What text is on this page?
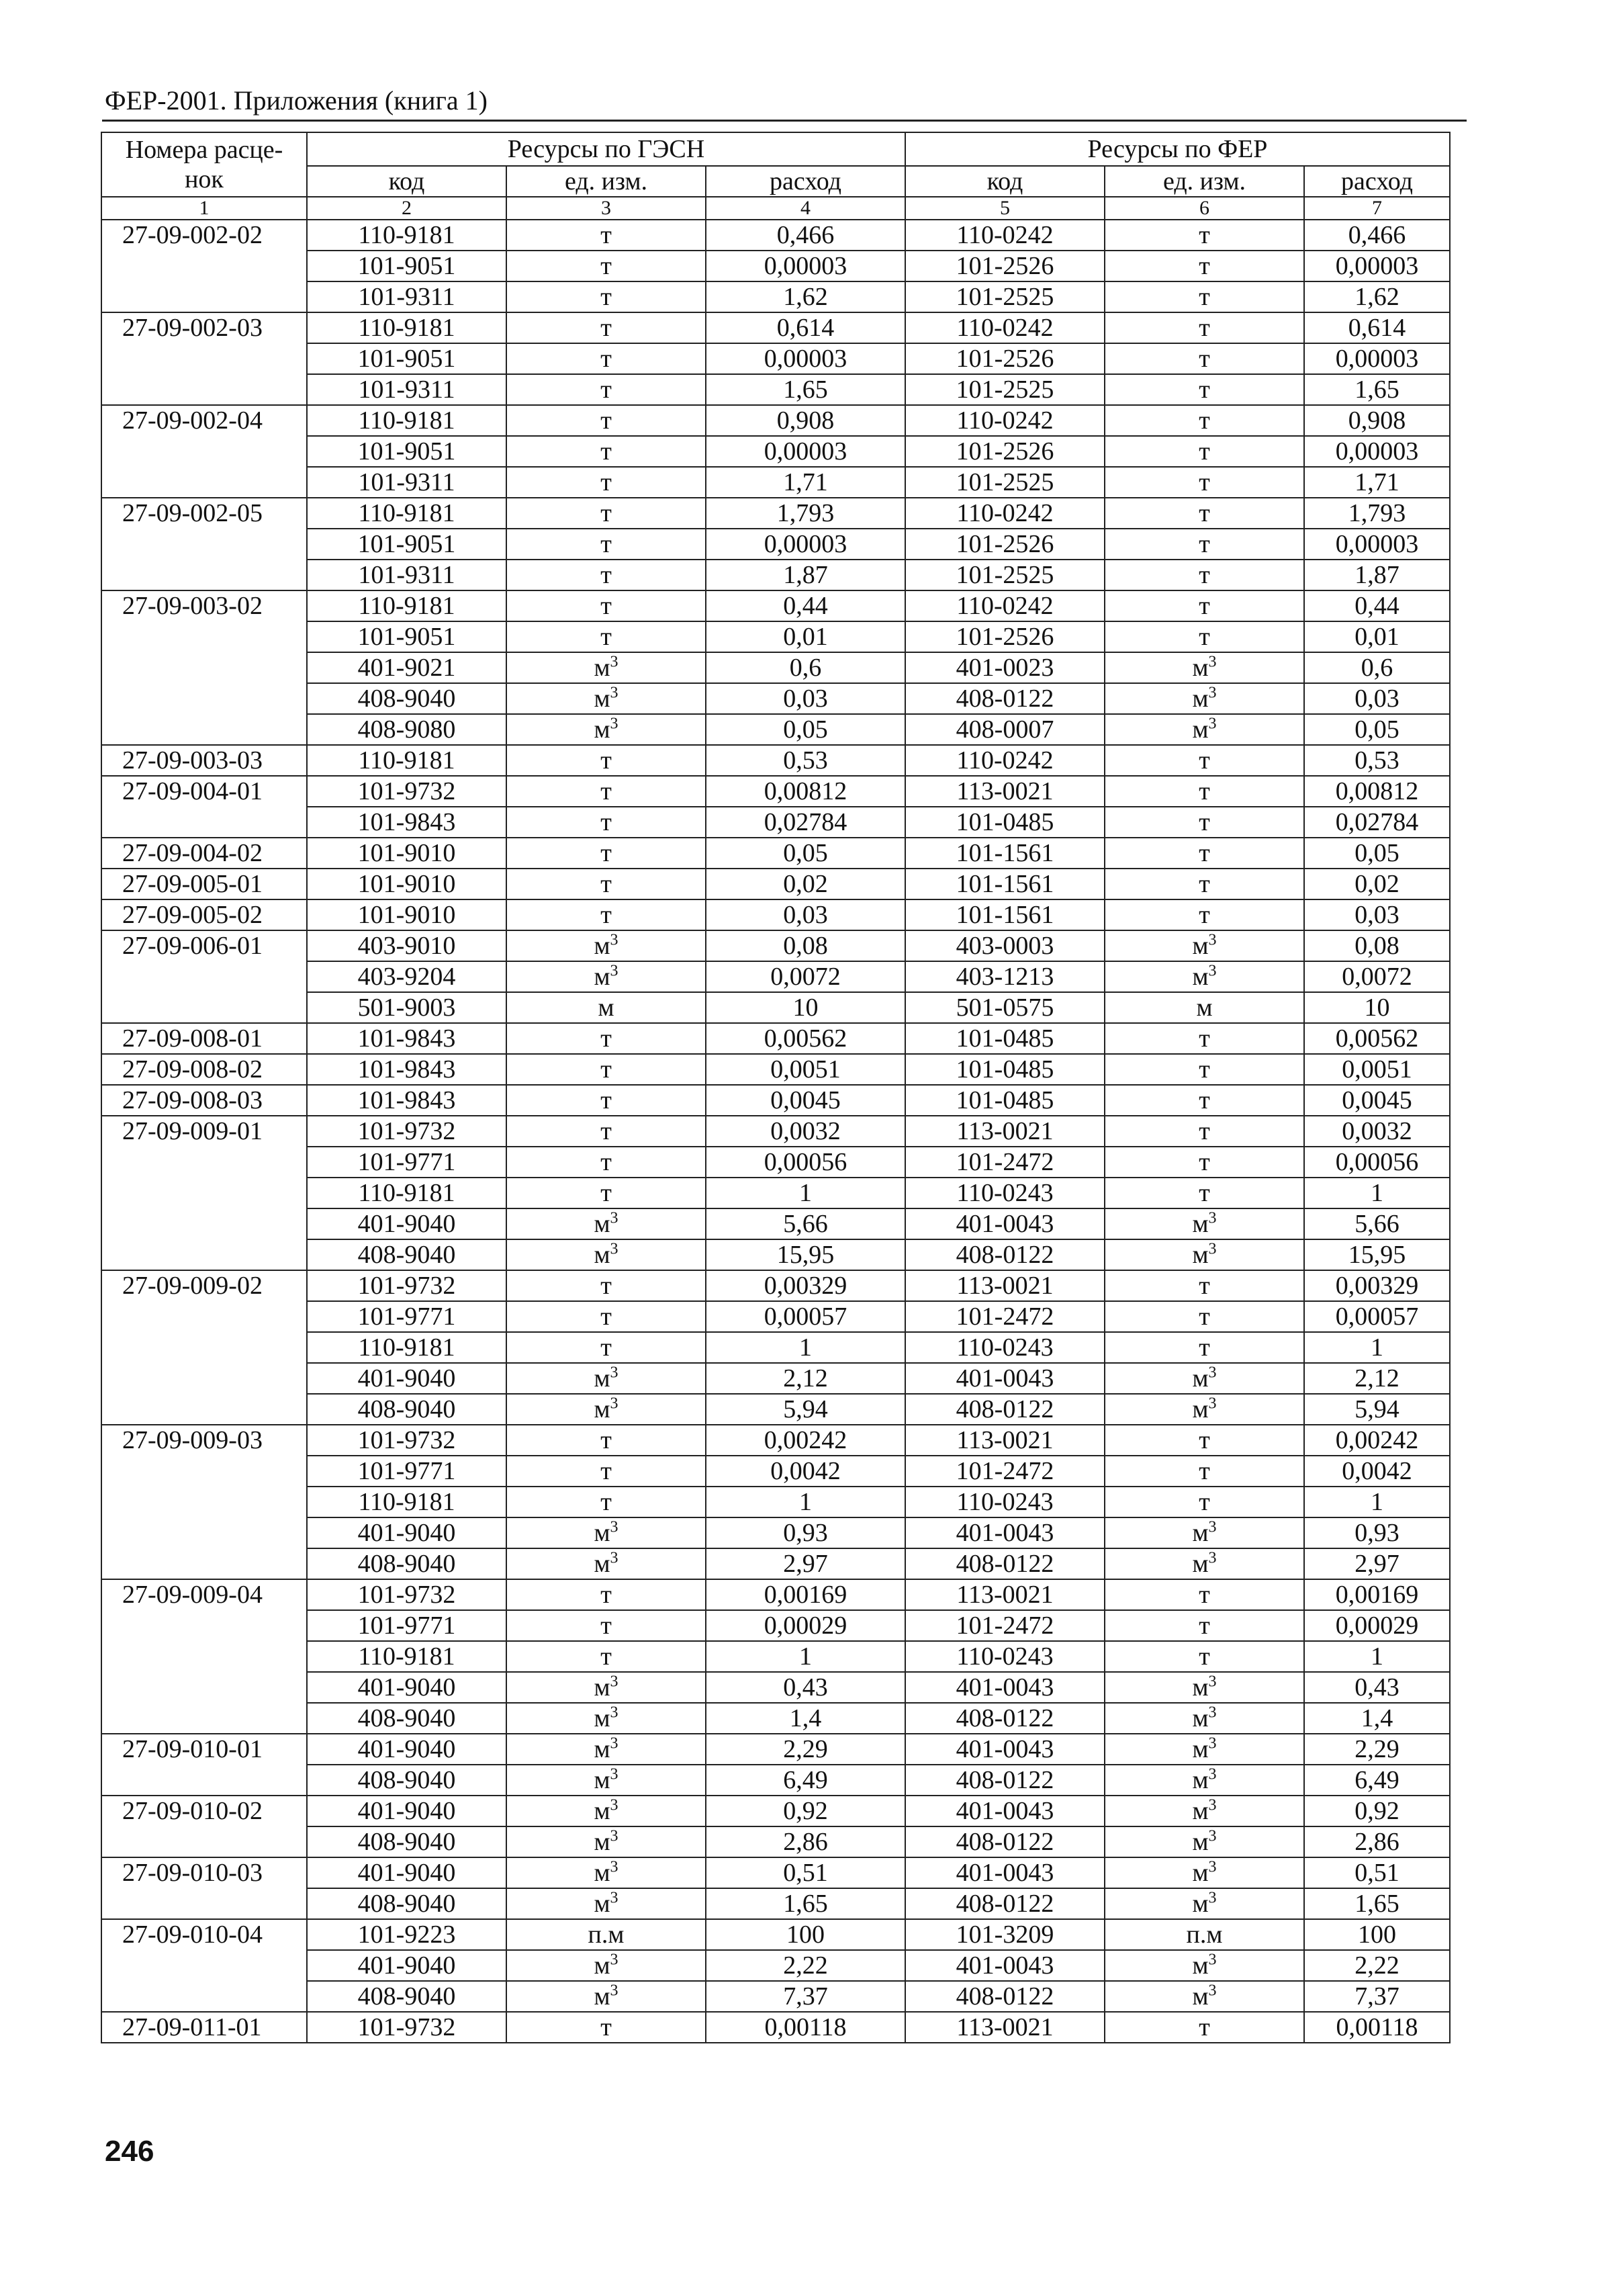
ФЕР-2001. Приложения (книга 1)
Номера расце-нок	Ресурсы по ГЭСН			Ресурсы по ФЕР		
	код	ед. изм.	расход	код	ед. изм.	расход
1	2	3	4	5	6	7
27-09-002-02	110-9181	т	0,466	110-0242	т	0,466
	101-9051	т	0,00003	101-2526	т	0,00003
	101-9311	т	1,62	101-2525	т	1,62
27-09-002-03	110-9181	т	0,614	110-0242	т	0,614
	101-9051	т	0,00003	101-2526	т	0,00003
	101-9311	т	1,65	101-2525	т	1,65
27-09-002-04	110-9181	т	0,908	110-0242	т	0,908
	101-9051	т	0,00003	101-2526	т	0,00003
	101-9311	т	1,71	101-2525	т	1,71
27-09-002-05	110-9181	т	1,793	110-0242	т	1,793
	101-9051	т	0,00003	101-2526	т	0,00003
	101-9311	т	1,87	101-2525	т	1,87
27-09-003-02	110-9181	т	0,44	110-0242	т	0,44
	101-9051	т	0,01	101-2526	т	0,01
	401-9021	$м^3$	0,6	401-0023	$м^3$	0,6
	408-9040	$м^3$	0,03	408-0122	$м^3$	0,03
	408-9080	$м^3$	0,05	408-0007	$м^3$	0,05
27-09-003-03	110-9181	т	0,53	110-0242	т	0,53
27-09-004-01	101-9732	т	0,00812	113-0021	т	0,00812
	101-9843	т	0,02784	101-0485	т	0,02784
27-09-004-02	101-9010	т	0,05	101-1561	т	0,05
27-09-005-01	101-9010	т	0,02	101-1561	т	0,02
27-09-005-02	101-9010	т	0,03	101-1561	т	0,03
27-09-006-01	403-9010	$м^3$	0,08	403-0003	$м^3$	0,08
	403-9204	$м^3$	0,0072	403-1213	$м^3$	0,0072
	501-9003	м	10	501-0575	м	10
27-09-008-01	101-9843	т	0,00562	101-0485	т	0,00562
27-09-008-02	101-9843	т	0,0051	101-0485	т	0,0051
27-09-008-03	101-9843	т	0,0045	101-0485	т	0,0045
27-09-009-01	101-9732	т	0,0032	113-0021	т	0,0032
	101-9771	т	0,00056	101-2472	т	0,00056
	110-9181	т	1	110-0243	т	1
	401-9040	$м^3$	5,66	401-0043	$м^3$	5,66
	408-9040	$м^3$	15,95	408-0122	$м^3$	15,95
27-09-009-02	101-9732	т	0,00329	113-0021	т	0,00329
	101-9771	т	0,00057	101-2472	т	0,00057
	110-9181	т	1	110-0243	т	1
	401-9040	$м^3$	2,12	401-0043	$м^3$	2,12
	408-9040	$м^3$	5,94	408-0122	$м^3$	5,94
27-09-009-03	101-9732	т	0,00242	113-0021	т	0,00242
	101-9771	т	0,0042	101-2472	т	0,0042
	110-9181	т	1	110-0243	т	1
	401-9040	$м^3$	0,93	401-0043	$м^3$	0,93
	408-9040	$м^3$	2,97	408-0122	$м^3$	2,97
27-09-009-04	101-9732	т	0,00169	113-0021	т	0,00169
	101-9771	т	0,00029	101-2472	т	0,00029
	110-9181	т	1	110-0243	т	1
	401-9040	$м^3$	0,43	401-0043	$м^3$	0,43
	408-9040	$м^3$	1,4	408-0122	$м^3$	1,4
27-09-010-01	401-9040	$м^3$	2,29	401-0043	$м^3$	2,29
	408-9040	$м^3$	6,49	408-0122	$м^3$	6,49
27-09-010-02	401-9040	$м^3$	0,92	401-0043	$м^3$	0,92
	408-9040	$м^3$	2,86	408-0122	$м^3$	2,86
27-09-010-03	401-9040	$м^3$	0,51	401-0043	$м^3$	0,51
	408-9040	$м^3$	1,65	408-0122	$м^3$	1,65
27-09-010-04	101-9223	п.м	100	101-3209	п.м	100
	401-9040	$м^3$	2,22	401-0043	$м^3$	2,22
	408-9040	$м^3$	7,37	408-0122	$м^3$	7,37
27-09-011-01	101-9732	т	0,00118	113-0021	т	0,00118
246
